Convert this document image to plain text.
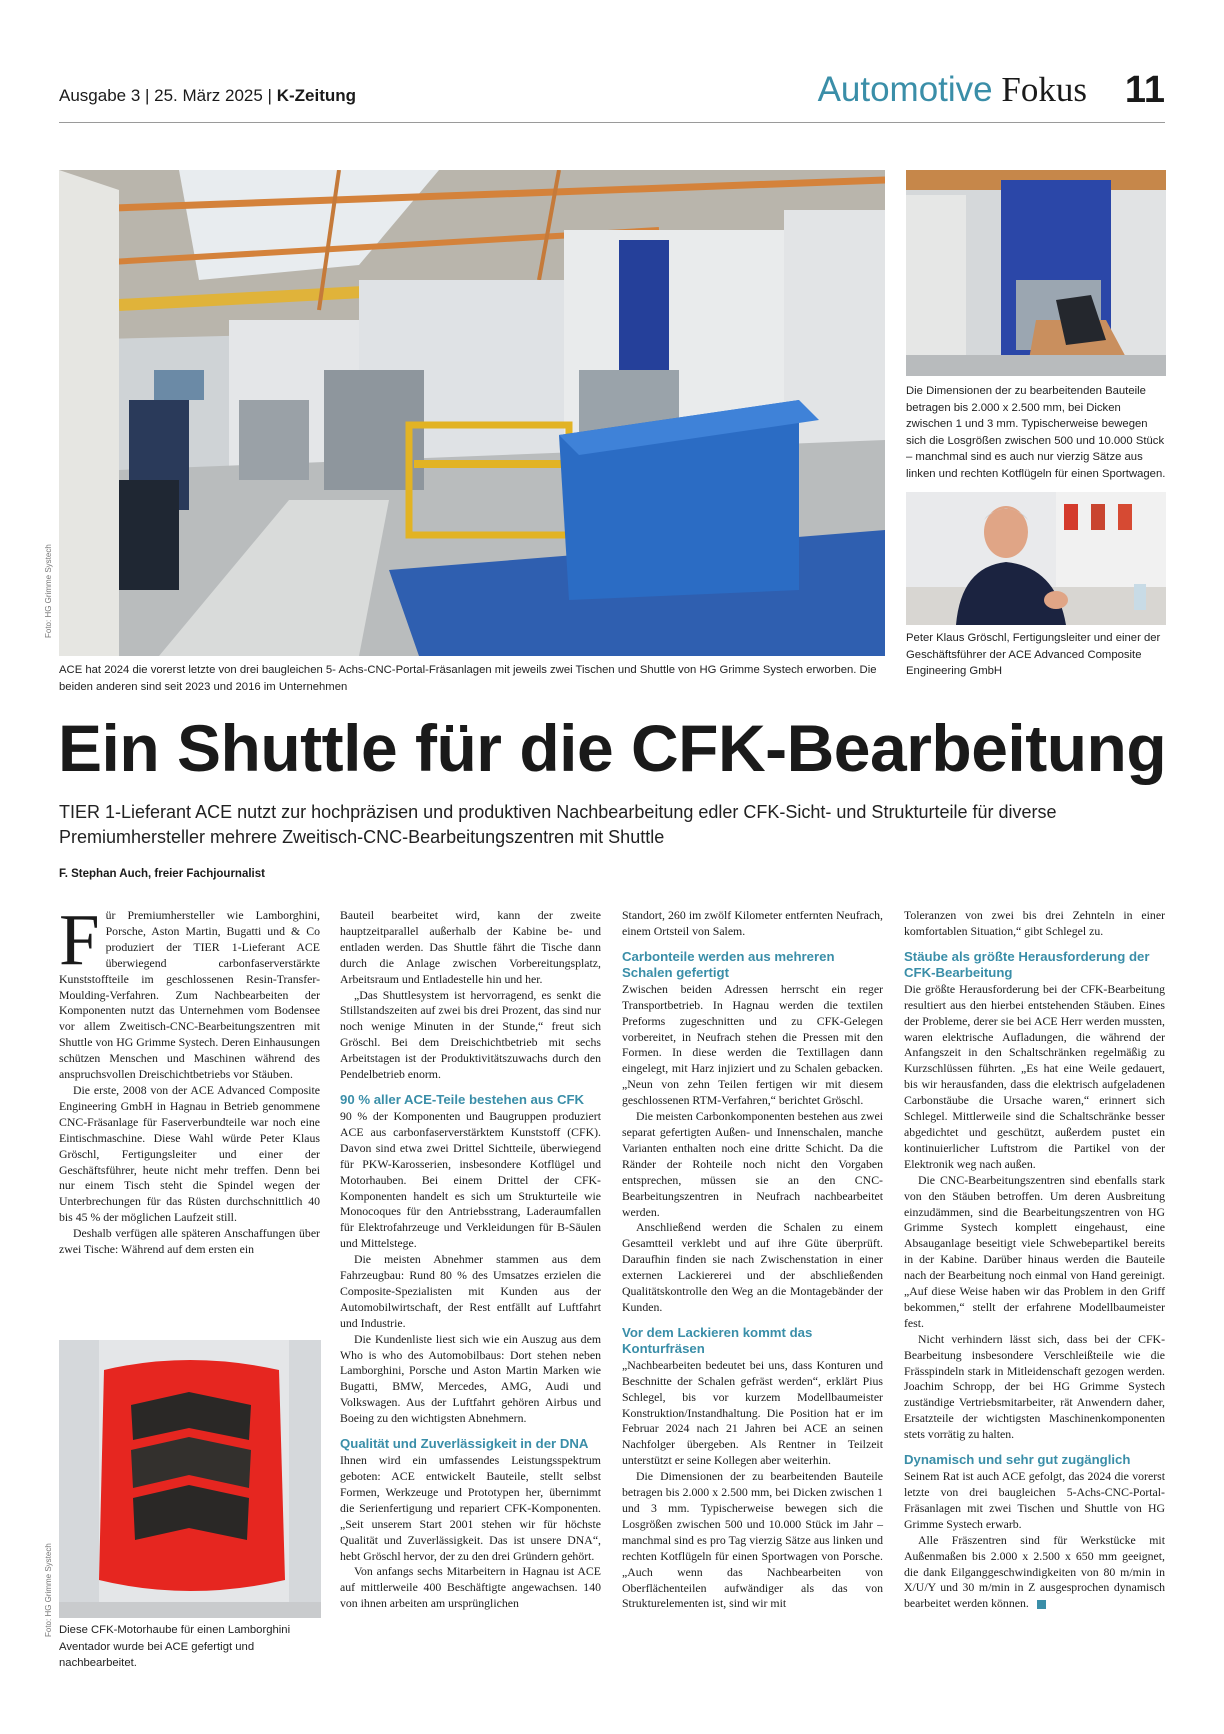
Ausgabe 3 | 25. März 2025 | K-Zeitung	Automotive Fokus 11
Foto: HG Grimme Systech
ACE hat 2024 die vorerst letzte von drei baugleichen 5- Achs-CNC-Portal-Fräsanlagen mit jeweils zwei Tischen und Shuttle von HG Grimme Systech erworben. Die beiden anderen sind seit 2023 und 2016 im Unternehmen
Die Dimensionen der zu bearbeitenden Bauteile betragen bis 2.000 x 2.500 mm, bei Dicken zwischen 1 und 3 mm. Typischerweise bewegen sich die Losgrößen zwischen 500 und 10.000 Stück – manchmal sind es auch nur vierzig Sätze aus linken und rechten Kotflügeln für einen Sportwagen.
Peter Klaus Gröschl, Fertigungsleiter und einer der Geschäftsführer der ACE Advanced Composite Engineering GmbH
Ein Shuttle für die CFK-Bearbeitung
TIER 1-Lieferant ACE nutzt zur hochpräzisen und produktiven Nachbearbeitung edler CFK-Sicht- und Strukturteile für diverse Premiumhersteller mehrere Zweitisch-CNC-Bearbeitungszentren mit Shuttle
F. Stephan Auch, freier Fachjournalist

Für Premiumhersteller wie Lamborghini, Porsche, Aston Martin, Bugatti und & Co produziert der TIER 1-Lieferant ACE überwiegend carbonfaserverstärkte Kunststoffteile im geschlossenen Resin-Transfer-Moulding-Verfahren. Zum Nachbearbeiten der Komponenten nutzt das Unternehmen vom Bodensee vor allem Zweitisch-CNC-Bearbeitungszentren mit Shuttle von HG Grimme Systech. Deren Einhausungen schützen Menschen und Maschinen während des anspruchsvollen Dreischichtbetriebs vor Stäuben.

Die erste, 2008 von der ACE Advanced Composite Engineering GmbH in Hagnau in Betrieb genommene CNC-Fräsanlage für Faserverbundteile war noch eine Eintischmaschine. Diese Wahl würde Peter Klaus Gröschl, Fertigungsleiter und einer der Geschäftsführer, heute nicht mehr treffen. Denn bei nur einem Tisch steht die Spindel wegen der Unterbrechungen für das Rüsten durchschnittlich 40 bis 45 % der möglichen Laufzeit still.

Deshalb verfügen alle späteren Anschaffungen über zwei Tische: Während auf dem ersten ein

Foto: HG Grimme Systech Diese CFK-Motorhaube für einen Lamborghini Aventador wurde bei ACE gefertigt und nachbearbeitet.

Bauteil bearbeitet wird, kann der zweite hauptzeitparallel außerhalb der Kabine be- und entladen werden. Das Shuttle fährt die Tische dann durch die Anlage zwischen Vorbereitungsplatz, Arbeitsraum und Entladestelle hin und her.

„Das Shuttlesystem ist hervorragend, es senkt die Stillstandszeiten auf zwei bis drei Prozent, das sind nur noch wenige Minuten in der Stunde,“ freut sich Gröschl. Bei dem Dreischichtbetrieb mit sechs Arbeitstagen ist der Produktivitätszuwachs durch den Pendelbetrieb enorm.

90 % aller ACE-Teile bestehen aus CFK

90 % der Komponenten und Baugruppen produziert ACE aus carbonfaserverstärktem Kunststoff (CFK). Davon sind etwa zwei Drittel Sichtteile, überwiegend für PKW-Karosserien, insbesondere Kotflügel und Motorhauben. Bei einem Drittel der CFK-Komponenten handelt es sich um Strukturteile wie Monocoques für den Antriebsstrang, Laderaumfallen für Elektrofahrzeuge und Verkleidungen für B-Säulen und Mittelstege.

Die meisten Abnehmer stammen aus dem Fahrzeugbau: Rund 80 % des Umsatzes erzielen die Composite-Spezialisten mit Kunden aus der Automobilwirtschaft, der Rest entfällt auf Luftfahrt und Industrie.

Die Kundenliste liest sich wie ein Auszug aus dem Who is who des Automobilbaus: Dort stehen neben Lamborghini, Porsche und Aston Martin Marken wie Bugatti, BMW, Mercedes, AMG, Audi und Volkswagen. Aus der Luftfahrt gehören Airbus und Boeing zu den wichtigsten Abnehmern.

Qualität und Zuverlässigkeit in der DNA

Ihnen wird ein umfassendes Leistungsspektrum geboten: ACE entwickelt Bauteile, stellt selbst Formen, Werkzeuge und Prototypen her, übernimmt die Serienfertigung und repariert CFK-Komponenten. „Seit unserem Start 2001 stehen wir für höchste Qualität und Zuverlässigkeit. Das ist unsere DNA“, hebt Gröschl hervor, der zu den drei Gründern gehört.

Von anfangs sechs Mitarbeitern in Hagnau ist ACE auf mittlerweile 400 Beschäftigte angewachsen. 140 von ihnen arbeiten am ursprünglichen

Standort, 260 im zwölf Kilometer entfernten Neufrach, einem Ortsteil von Salem.

Carbonteile werden aus mehreren Schalen gefertigt

Zwischen beiden Adressen herrscht ein reger Transportbetrieb. In Hagnau werden die textilen Preforms zugeschnitten und zu CFK-Gelegen vorbereitet, in Neufrach stehen die Pressen mit den Formen. In diese werden die Textillagen dann eingelegt, mit Harz injiziert und zu Schalen gebacken. „Neun von zehn Teilen fertigen wir mit diesem geschlossenen RTM-Verfahren,“ berichtet Gröschl.

Die meisten Carbonkomponenten bestehen aus zwei separat gefertigten Außen- und Innenschalen, manche Varianten enthalten noch eine dritte Schicht. Da die Ränder der Rohteile noch nicht den Vorgaben entsprechen, müssen sie an den CNC-Bearbeitungszentren in Neufrach nachbearbeitet werden.

Anschließend werden die Schalen zu einem Gesamtteil verklebt und auf ihre Güte überprüft. Daraufhin finden sie nach Zwischenstation in einer externen Lackiererei und der abschließenden Qualitätskontrolle den Weg an die Montagebänder der Kunden.

Vor dem Lackieren kommt das Konturfräsen

„Nachbearbeiten bedeutet bei uns, dass Konturen und Beschnitte der Schalen gefräst werden“, erklärt Pius Schlegel, bis vor kurzem Modellbaumeister Konstruktion/Instandhaltung. Die Position hat er im Februar 2024 nach 21 Jahren bei ACE an seinen Nachfolger übergeben. Als Rentner in Teilzeit unterstützt er seine Kollegen aber weiterhin.

Die Dimensionen der zu bearbeitenden Bauteile betragen bis 2.000 x 2.500 mm, bei Dicken zwischen 1 und 3 mm. Typischerweise bewegen sich die Losgrößen zwischen 500 und 10.000 Stück im Jahr – manchmal sind es pro Tag vierzig Sätze aus linken und rechten Kotflügeln für einen Sportwagen von Porsche. „Auch wenn das Nachbearbeiten von Oberflächenteilen aufwändiger als das von Strukturelementen ist, sind wir mit

Toleranzen von zwei bis drei Zehnteln in einer komfortablen Situation,“ gibt Schlegel zu.

Stäube als größte Herausforderung der CFK-Bearbeitung

Die größte Herausforderung bei der CFK-Bearbeitung resultiert aus den hierbei entstehenden Stäuben. Eines der Probleme, derer sie bei ACE Herr werden mussten, waren elektrische Aufladungen, die während der Anfangszeit in den Schaltschränken regelmäßig zu Kurzschlüssen führten. „Es hat eine Weile gedauert, bis wir herausfanden, dass die elektrisch aufgeladenen Carbonstäube die Ursache waren,“ erinnert sich Schlegel. Mittlerweile sind die Schaltschränke besser abgedichtet und geschützt, außerdem pustet ein kontinuierlicher Luftstrom die Partikel von der Elektronik weg nach außen.

Die CNC-Bearbeitungszentren sind ebenfalls stark von den Stäuben betroffen. Um deren Ausbreitung einzudämmen, sind die Bearbeitungszentren von HG Grimme Systech komplett eingehaust, eine Absauganlage beseitigt viele Schwebepartikel bereits in der Kabine. Darüber hinaus werden die Bauteile nach der Bearbeitung noch einmal von Hand gereinigt. „Auf diese Weise haben wir das Problem in den Griff bekommen,“ stellt der erfahrene Modellbaumeister fest.

Nicht verhindern lässt sich, dass bei der CFK-Bearbeitung insbesondere Verschleißteile wie die Frässpindeln stark in Mitleidenschaft gezogen werden. Joachim Schropp, der bei HG Grimme Systech zuständige Vertriebsmitarbeiter, rät Anwendern daher, Ersatzteile der wichtigsten Maschinenkomponenten stets vorrätig zu halten.

Dynamisch und sehr gut zugänglich

Seinem Rat ist auch ACE gefolgt, das 2024 die vorerst letzte von drei baugleichen 5-Achs-CNC-Portal-Fräsanlagen mit zwei Tischen und Shuttle von HG Grimme Systech erwarb.

Alle Fräszentren sind für Werkstücke mit Außenmaßen bis 2.000 x 2.500 x 650 mm geeignet, die dank Eilganggeschwindigkeiten von 80 m/min in X/U/Y und 30 m/min in Z ausgesprochen dynamisch bearbeitet werden können.
